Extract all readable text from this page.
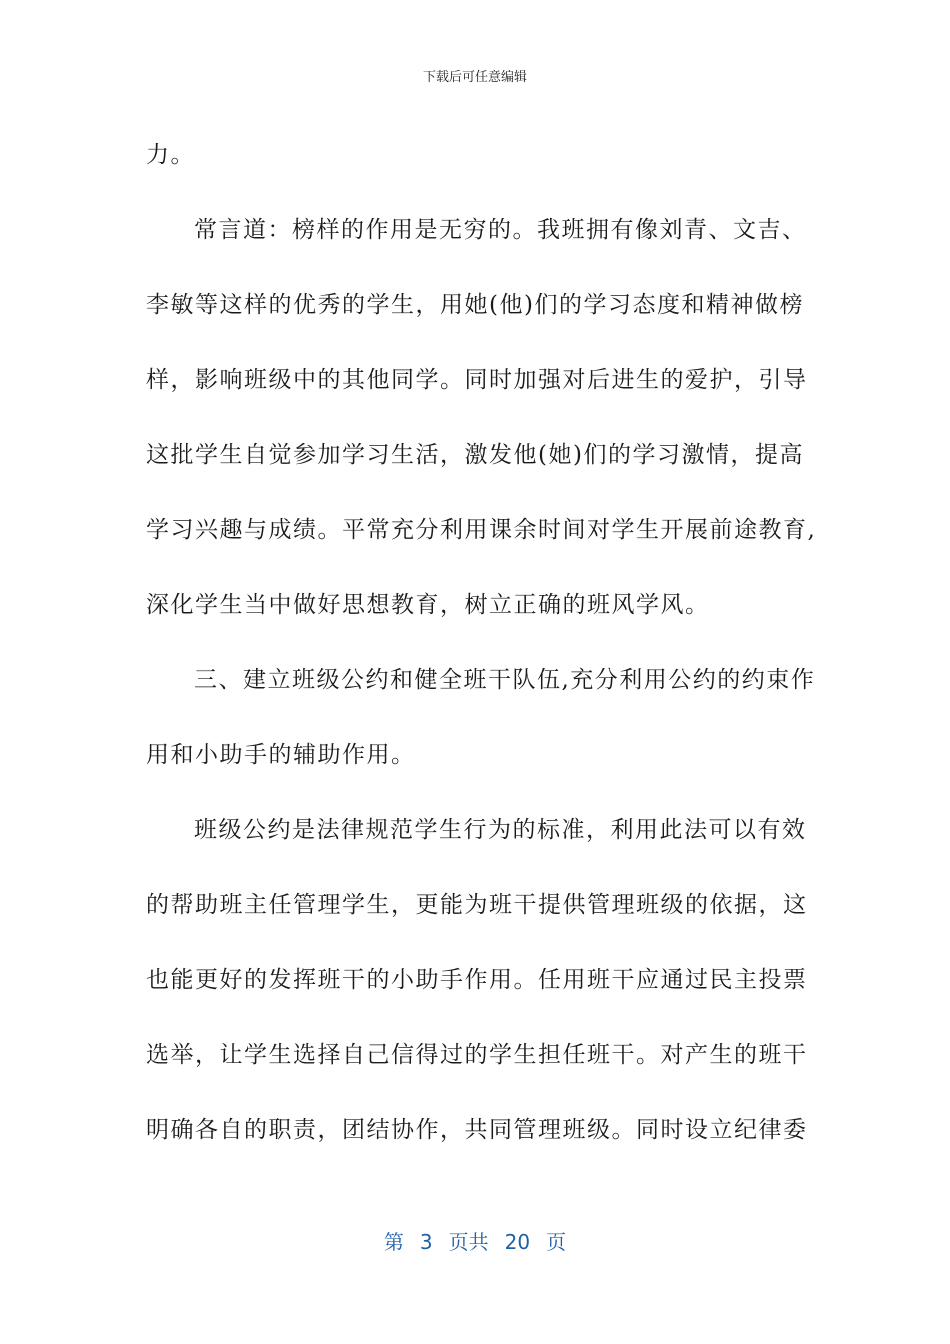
下载后可任意编辑
力。
常言道：榜样的作用是无穷的。我班拥有像刘青、文吉、
李敏等这样的优秀的学生，用她(他)们的学习态度和精神做榜
样，影响班级中的其他同学。同时加强对后进生的爱护，引导
这批学生自觉参加学习生活，激发他(她)们的学习激情，提高
学习兴趣与成绩。平常充分利用课余时间对学生开展前途教育,
深化学生当中做好思想教育，树立正确的班风学风。
三、建立班级公约和健全班干队伍,充分利用公约的约束作
用和小助手的辅助作用。
班级公约是法律规范学生行为的标准，利用此法可以有效
的帮助班主任管理学生，更能为班干提供管理班级的依据，这
也能更好的发挥班干的小助手作用。任用班干应通过民主投票
选举，让学生选择自己信得过的学生担任班干。对产生的班干
明确各自的职责，团结协作，共同管理班级。同时设立纪律委
第 3 页共 20 页
